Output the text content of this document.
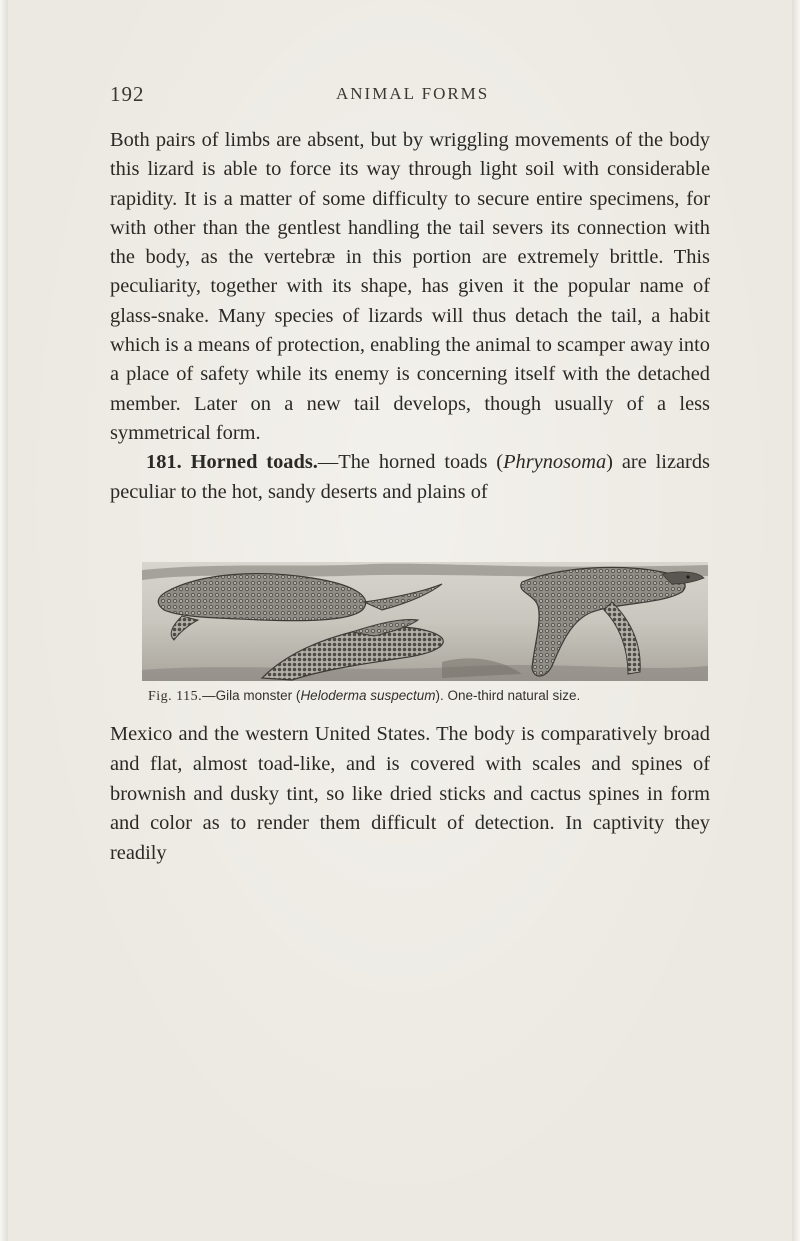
192	ANIMAL FORMS

Both pairs of limbs are absent, but by wriggling movements of the body this lizard is able to force its way through light soil with considerable rapidity. It is a matter of some difficulty to secure entire specimens, for with other than the gentlest handling the tail severs its connection with the body, as the vertebræ in this portion are extremely brittle. This peculiarity, together with its shape, has given it the popular name of glass-snake. Many species of lizards will thus detach the tail, a habit which is a means of protection, enabling the animal to scamper away into a place of safety while its enemy is concerning itself with the detached member. Later on a new tail develops, though usually of a less symmetrical form.

181. Horned toads.—The horned toads (Phrynosoma) are lizards peculiar to the hot, sandy deserts and plains of

Fig. 115.—Gila monster (Heloderma suspectum). One-third natural size.

Mexico and the western United States. The body is comparatively broad and flat, almost toad-like, and is covered with scales and spines of brownish and dusky tint, so like dried sticks and cactus spines in form and color as to render them difficult of detection. In captivity they readily
